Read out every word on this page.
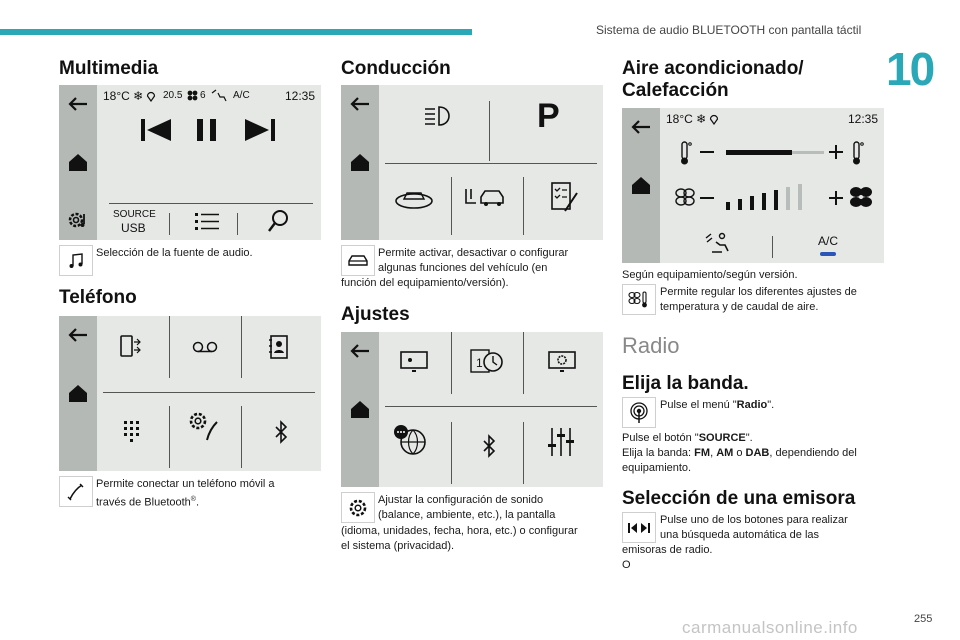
Sistema de audio BLUETOOTH con pantalla táctil
10
Multimedia
18°C ❄ 20.5 6	A/C	12:35
SOURCE
USB
Selección de la fuente de audio.
Teléfono
Permite conectar un teléfono móvil a
través de Bluetooth®.
Conducción
P
Permite activar, desactivar o configurar
algunas funciones del vehículo (en
función del equipamiento/versión).
Ajustes
1
Ajustar la configuración de sonido
(balance, ambiente, etc.), la pantalla
(idioma, unidades, fecha, hora, etc.) o configurar
el sistema (privacidad).
Aire acondicionado/
Calefacción
18°C ❄	12:35
A/C
Según equipamiento/según versión.
Permite regular los diferentes ajustes de
temperatura y de caudal de aire.
Radio
Elija la banda.
Pulse el menú "Radio".
Pulse el botón "SOURCE".
Elija la banda: FM, AM o DAB, dependiendo del
equipamiento.
Selección de una emisora
Pulse uno de los botones para realizar
una búsqueda automática de las
emisoras de radio.
O
carmanualsonline.info	255
